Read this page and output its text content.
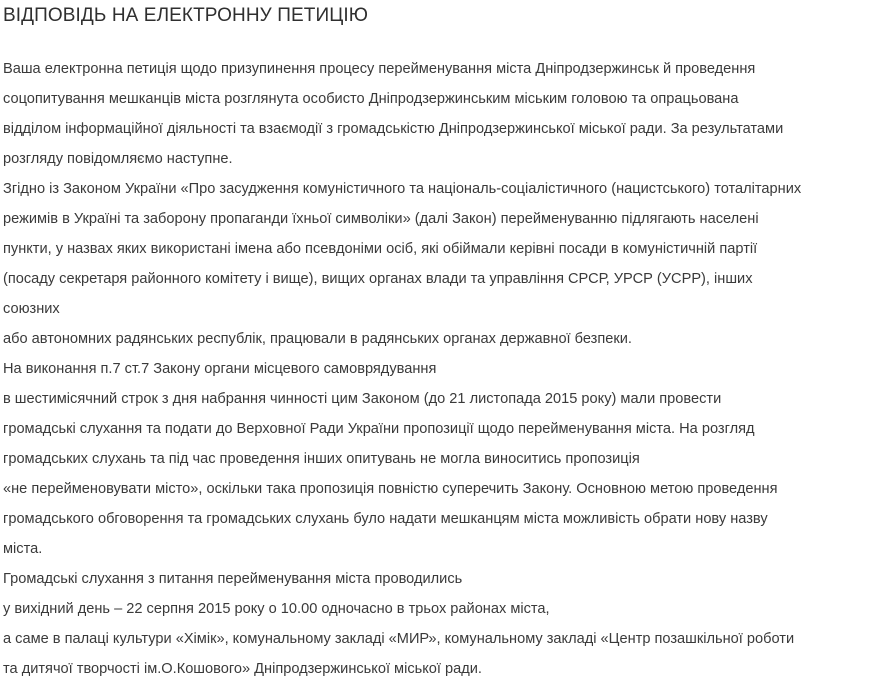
ВІДПОВІДЬ НА ЕЛЕКТРОННУ ПЕТИЦІЮ
Ваша електронна петиція щодо призупинення процесу перейменування міста Дніпродзержинськ й проведення
соцопитування мешканців міста розглянута особисто Дніпродзержинським міським головою та опрацьована
відділом інформаційної діяльності та взаємодії з громадськістю Дніпродзержинської міської ради. За результатами
розгляду повідомляємо наступне.
Згідно із Законом України «Про засудження комуністичного та національ-соціалістичного (нацистського) тоталітарних
режимів в Україні та заборону пропаганди їхньої символіки» (далі Закон) перейменуванню підлягають населені
пункти, у назвах яких використані імена або псевдоніми осіб, які обіймали керівні посади в комуністичній партії
(посаду секретаря районного комітету і вище), вищих органах влади та управління СРСР, УРСР (УСРР), інших
союзних
або автономних радянських республік, працювали в радянських органах державної безпеки.
На виконання п.7 ст.7 Закону органи місцевого самоврядування
в шестимісячний строк з дня набрання чинності цим Законом (до 21 листопада 2015 року) мали провести
громадські слухання та подати до Верховної Ради України пропозиції щодо перейменування міста. На розгляд
громадських слухань та під час проведення інших опитувань не могла виноситись пропозиція
«не перейменовувати місто», оскільки така пропозиція повністю суперечить Закону. Основною метою проведення
громадського обговорення та громадських слухань було надати мешканцям міста можливість обрати нову назву
міста.
Громадські слухання з питання перейменування міста проводились
у вихідний день – 22 серпня 2015 року о 10.00 одночасно в трьох районах міста,
а саме в палаці культури «Хімік», комунальному закладі «МИР», комунальному закладі «Центр позашкільної роботи
та дитячої творчості ім.О.Кошового» Дніпродзержинської міської ради.
